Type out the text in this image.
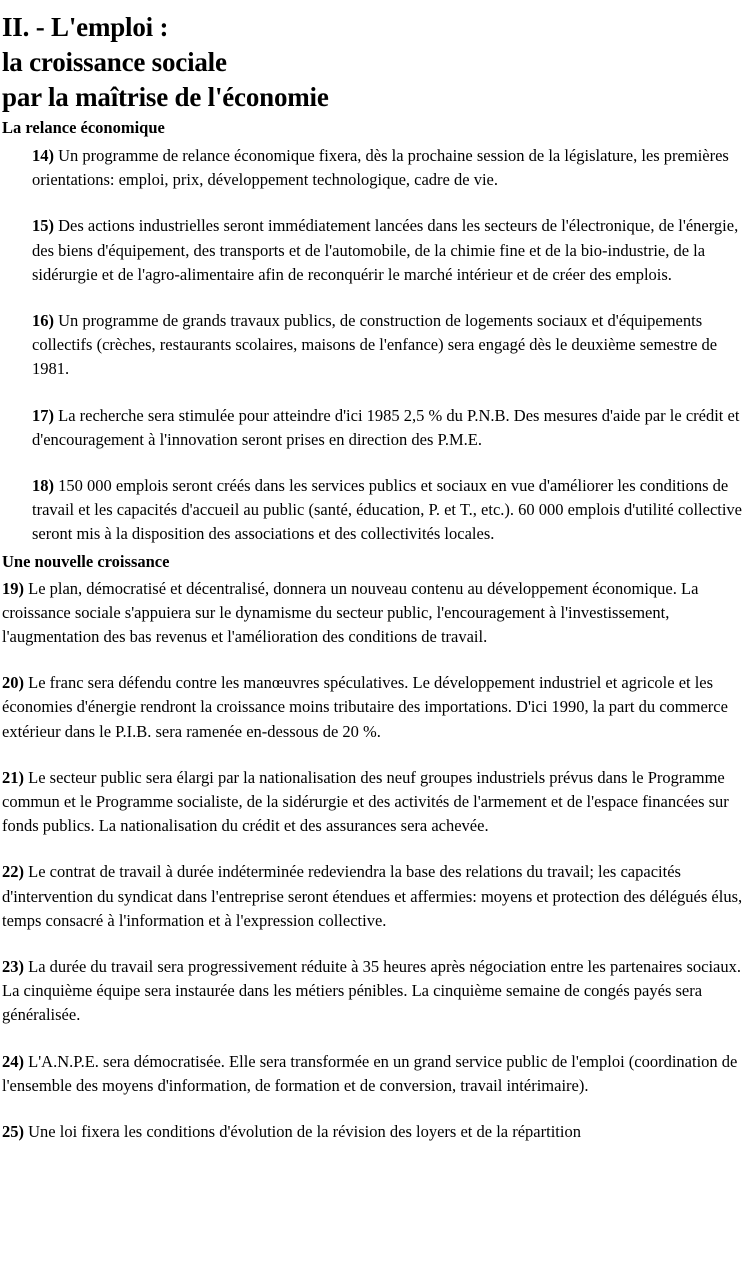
II. - L'emploi :
la croissance sociale
par la maîtrise de l'économie
La relance économique

14) Un programme de relance économique fixera, dès la prochaine session de la législature, les premières orientations: emploi, prix, développement technologique, cadre de vie.

15) Des actions industrielles seront immédiatement lancées dans les secteurs de l'électronique, de l'énergie, des biens d'équipement, des transports et de l'automobile, de la chimie fine et de la bio-industrie, de la sidérurgie et de l'agro-alimentaire afin de reconquérir le marché intérieur et de créer des emplois.

16) Un programme de grands travaux publics, de construction de logements sociaux et d'équipements collectifs (crèches, restaurants scolaires, maisons de l'enfance) sera engagé dès le deuxième semestre de 1981.

17) La recherche sera stimulée pour atteindre d'ici 1985 2,5 % du P.N.B. Des mesures d'aide par le crédit et d'encouragement à l'innovation seront prises en direction des P.M.E.

18) 150 000 emplois seront créés dans les services publics et sociaux en vue d'améliorer les conditions de travail et les capacités d'accueil au public (santé, éducation, P. et T., etc.). 60 000 emplois d'utilité collective seront mis à la disposition des associations et des collectivités locales.

Une nouvelle croissance

19) Le plan, démocratisé et décentralisé, donnera un nouveau contenu au développement économique. La croissance sociale s'appuiera sur le dynamisme du secteur public, l'encouragement à l'investissement, l'augmentation des bas revenus et l'amélioration des conditions de travail.

20) Le franc sera défendu contre les manœuvres spéculatives. Le développement industriel et agricole et les économies d'énergie rendront la croissance moins tributaire des importations. D'ici 1990, la part du commerce extérieur dans le P.I.B. sera ramenée en-dessous de 20 %.

21) Le secteur public sera élargi par la nationalisation des neuf groupes industriels prévus dans le Programme commun et le Programme socialiste, de la sidérurgie et des activités de l'armement et de l'espace financées sur fonds publics. La nationalisation du crédit et des assurances sera achevée.

22) Le contrat de travail à durée indéterminée redeviendra la base des relations du travail; les capacités d'intervention du syndicat dans l'entreprise seront étendues et affermies: moyens et protection des délégués élus, temps consacré à l'information et à l'expression collective.

23) La durée du travail sera progressivement réduite à 35 heures après négociation entre les partenaires sociaux. La cinquième équipe sera instaurée dans les métiers pénibles. La cinquième semaine de congés payés sera généralisée.

24) L'A.N.P.E. sera démocratisée. Elle sera transformée en un grand service public de l'emploi (coordination de l'ensemble des moyens d'information, de formation et de conversion, travail intérimaire).

25) Une loi fixera les conditions d'évolution de la révision des loyers et de la répartition
